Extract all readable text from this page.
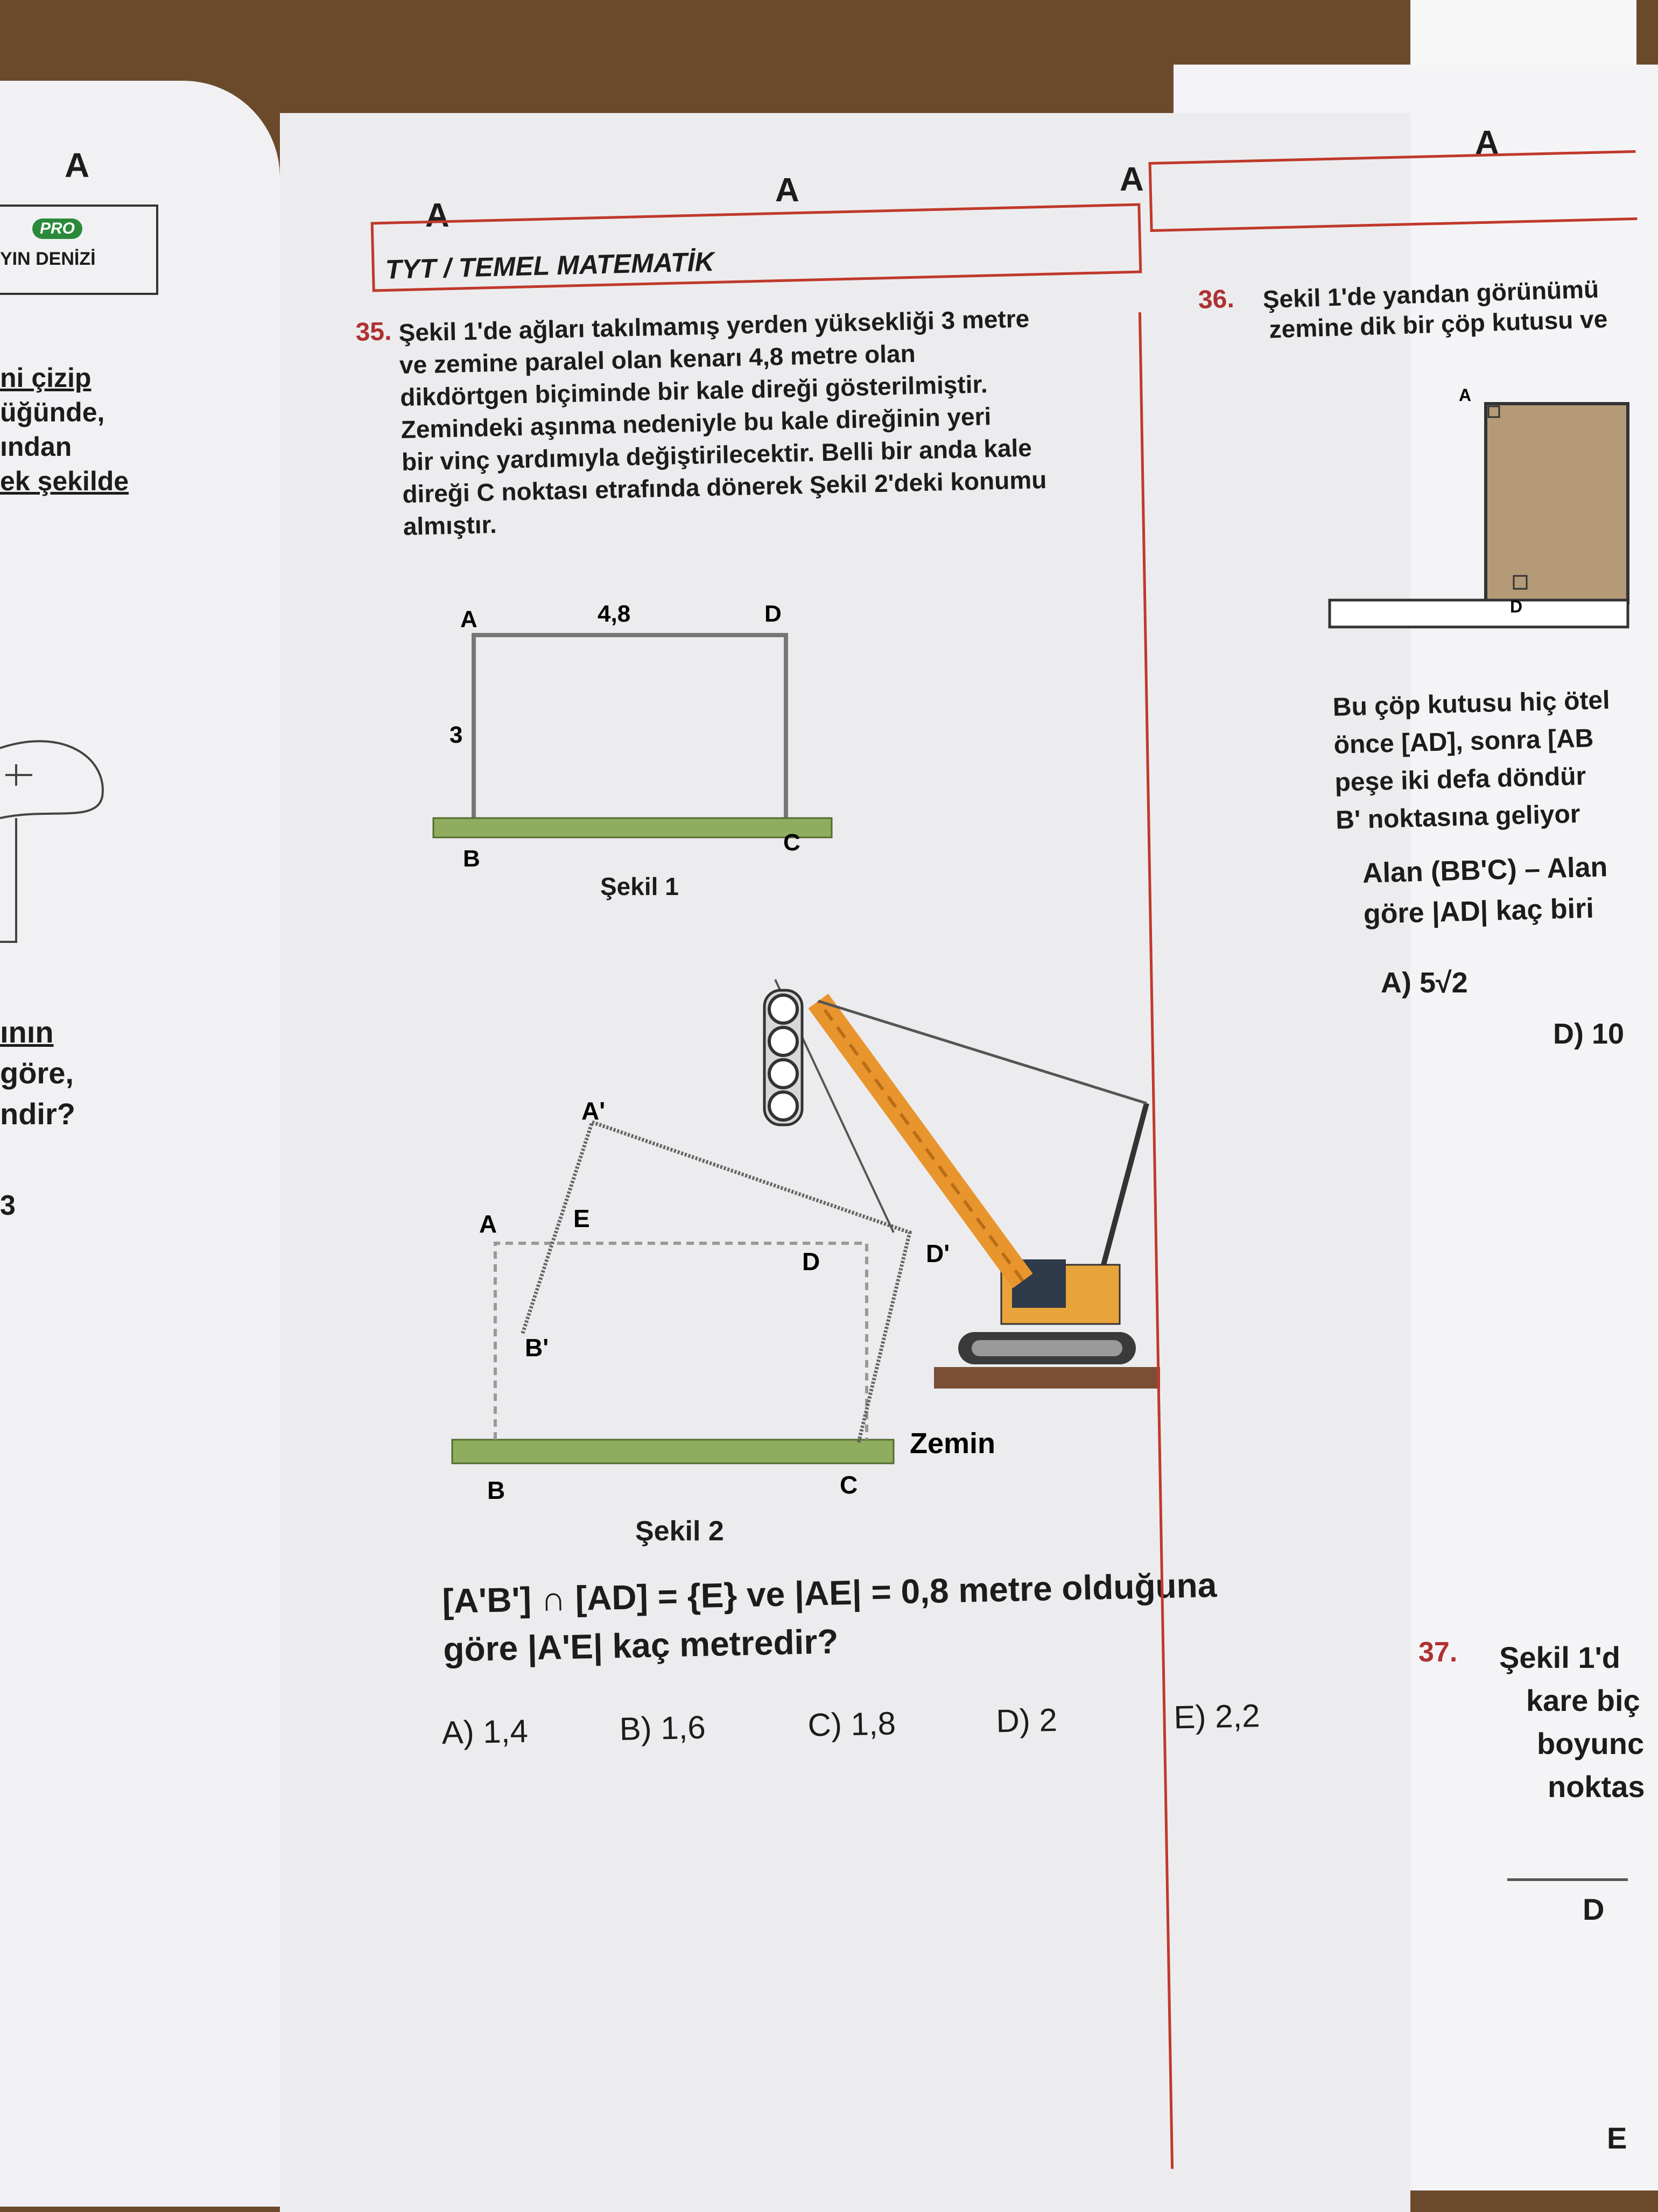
A
PRO
YIN DENİZİ
ni çizip
üğünde,
ından
ek şekilde
ının
göre,
ndir?
3
A
A	A
TYT / TEMEL MATEMATİK
35. Şekil 1'de ağları takılmamış yerden yüksekliği 3 metre
ve zemine paralel olan kenarı 4,8 metre olan
dikdörtgen biçiminde bir kale direği gösterilmiştir.
Zemindeki aşınma nedeniyle bu kale direğinin yeri
bir vinç yardımıyla değiştirilecektir. Belli bir anda kale
direği C noktası etrafında dönerek Şekil 2'deki konumu
almıştır.
A	D
4,8
3
B
C
Şekil 1
A
A'
E
D	D'
B'
B	C
Zemin
Şekil 2
[A'B'] ∩ [AD] = {E} ve |AE| = 0,8 metre olduğuna
göre |A'E| kaç metredir?
A) 1,4	B) 1,6	C) 1,8	D) 2	E) 2,2
A
36. Şekil 1'de yandan görünümü
zemine dik bir çöp kutusu ve
A
D
Bu çöp kutusu hiç ötel
önce [AD], sonra [AB
peşe iki defa döndür
B' noktasına geliyor
Alan (BB'C) – Alan
göre |AD| kaç biri
A) 5√2
D) 10
37. Şekil 1'd
kare biç
boyunc
noktas
D
E
